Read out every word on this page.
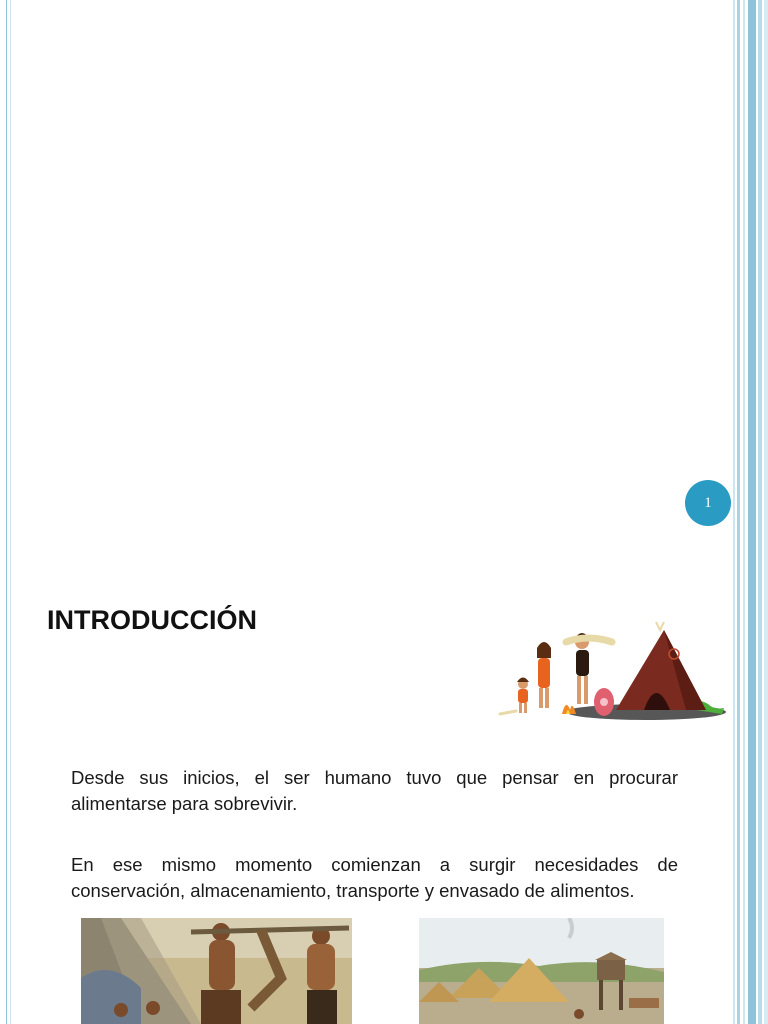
1
INTRODUCCIÓN

Desde sus inicios, el ser humano tuvo que pensar en procurar alimentarse para sobrevivir.

En ese mismo momento comienzan a surgir necesidades de conservación, almacenamiento, transporte y envasado de alimentos.
